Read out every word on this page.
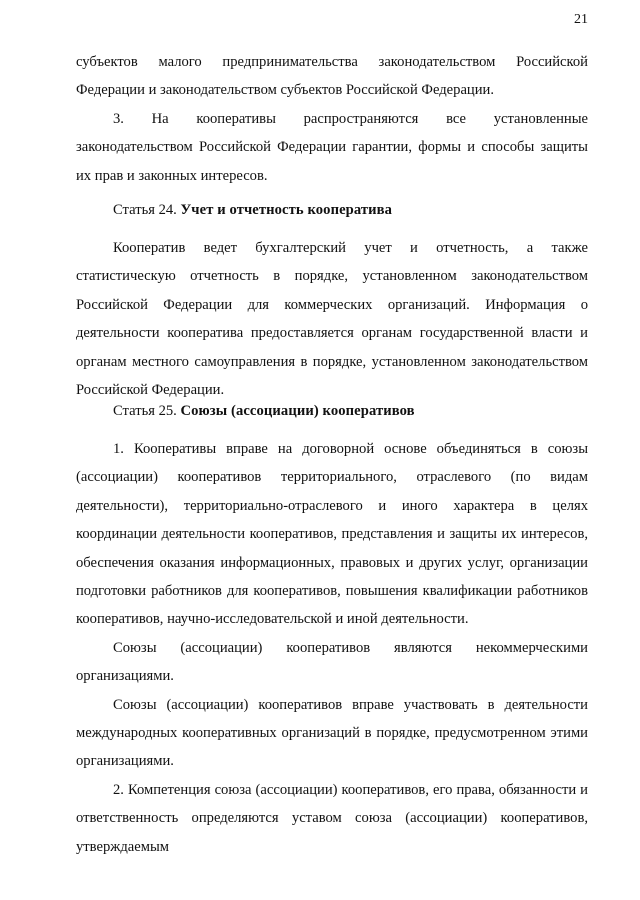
21

субъектов малого предпринимательства законодательством Российской Федерации и законодательством субъектов Российской Федерации.

3. На кооперативы распространяются все установленные законодательством Российской Федерации гарантии, формы и способы защиты их прав и законных интересов.

Статья 24. Учет и отчетность кооператива

Кооператив ведет бухгалтерский учет и отчетность, а также статистическую отчетность в порядке, установленном законодательством Российской Федерации для коммерческих организаций. Информация о деятельности кооператива предоставляется органам государственной власти и органам местного самоуправления в порядке, установленном законодательством Российской Федерации.

Статья 25. Союзы (ассоциации) кооперативов

1. Кооперативы вправе на договорной основе объединяться в союзы (ассоциации) кооперативов территориального, отраслевого (по видам деятельности), территориально-отраслевого и иного характера в целях координации деятельности кооперативов, представления и защиты их интересов, обеспечения оказания информационных, правовых и других услуг, организации подготовки работников для кооперативов, повышения квалификации работников кооперативов, научно-исследовательской и иной деятельности.

Союзы (ассоциации) кооперативов являются некоммерческими организациями.

Союзы (ассоциации) кооперативов вправе участвовать в деятельности международных кооперативных организаций в порядке, предусмотренном этими организациями.

2. Компетенция союза (ассоциации) кооперативов, его права, обязанности и ответственность определяются уставом союза (ассоциации) кооперативов, утверждаемым
